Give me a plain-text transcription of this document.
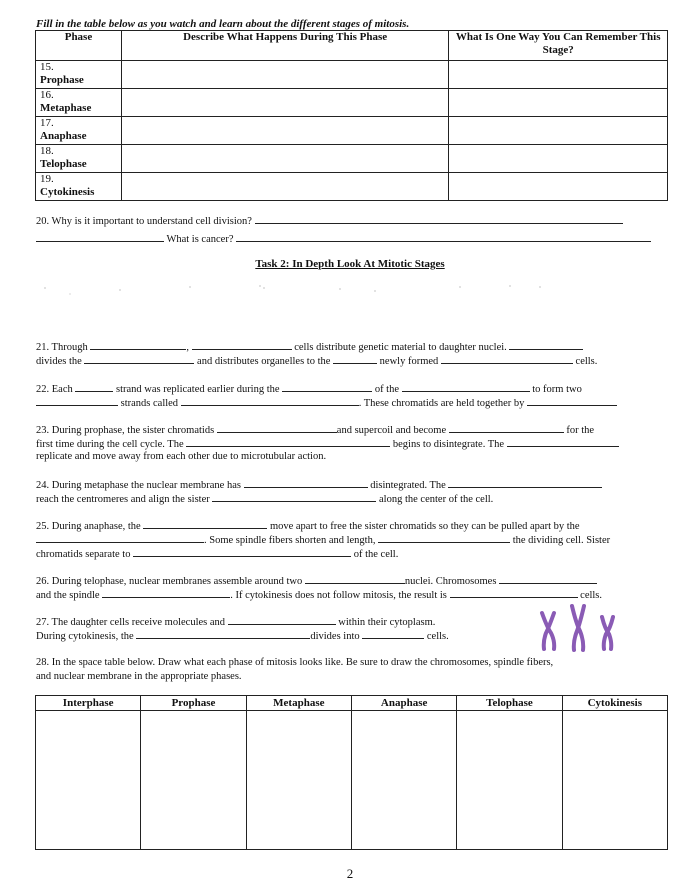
Fill in the table below as you watch and learn about the different stages of mitosis.
Phase	Describe What Happens During This Phase	What Is One Way You Can Remember This Stage?

15.
Prophase		

16.
Metaphase		

17.
Anaphase		

18.
Telophase		

19.
Cytokinesis		

20. Why is it important to understand cell division?
What is cancer?
Task 2: In Depth Look At Mitotic Stages
21. Through	,	cells distribute genetic material to daughter nuclei.
divides the	and distributes organelles to the	newly formed	cells.
22. Each	strand was replicated earlier during the	of the	to form two
strands called	. These chromatids are held together by
23. During prophase, the sister chromatids	and supercoil and become	for the
first time during the cell cycle. The	begins to disintegrate. The
replicate and move away from each other due to microtubular action.
24. During metaphase the nuclear membrane has	disintegrated. The
reach the centromeres and align the sister	along the center of the cell.
25. During anaphase, the	move apart to free the sister chromatids so they can be pulled apart by the
. Some spindle fibers shorten and length,	the dividing cell. Sister
chromatids separate to	of the cell.
26. During telophase, nuclear membranes assemble around two	nuclei. Chromosomes
and the spindle	. If cytokinesis does not follow mitosis, the result is	cells.
27. The daughter cells receive molecules and	within their cytoplasm.
During cytokinesis, the	divides into	cells.
28. In the space table below. Draw what each phase of mitosis looks like. Be sure to draw the chromosomes, spindle fibers,
and nuclear membrane in the appropriate phases.
Interphase	Prophase	Metaphase	Anaphase	Telophase	Cytokinesis

2
